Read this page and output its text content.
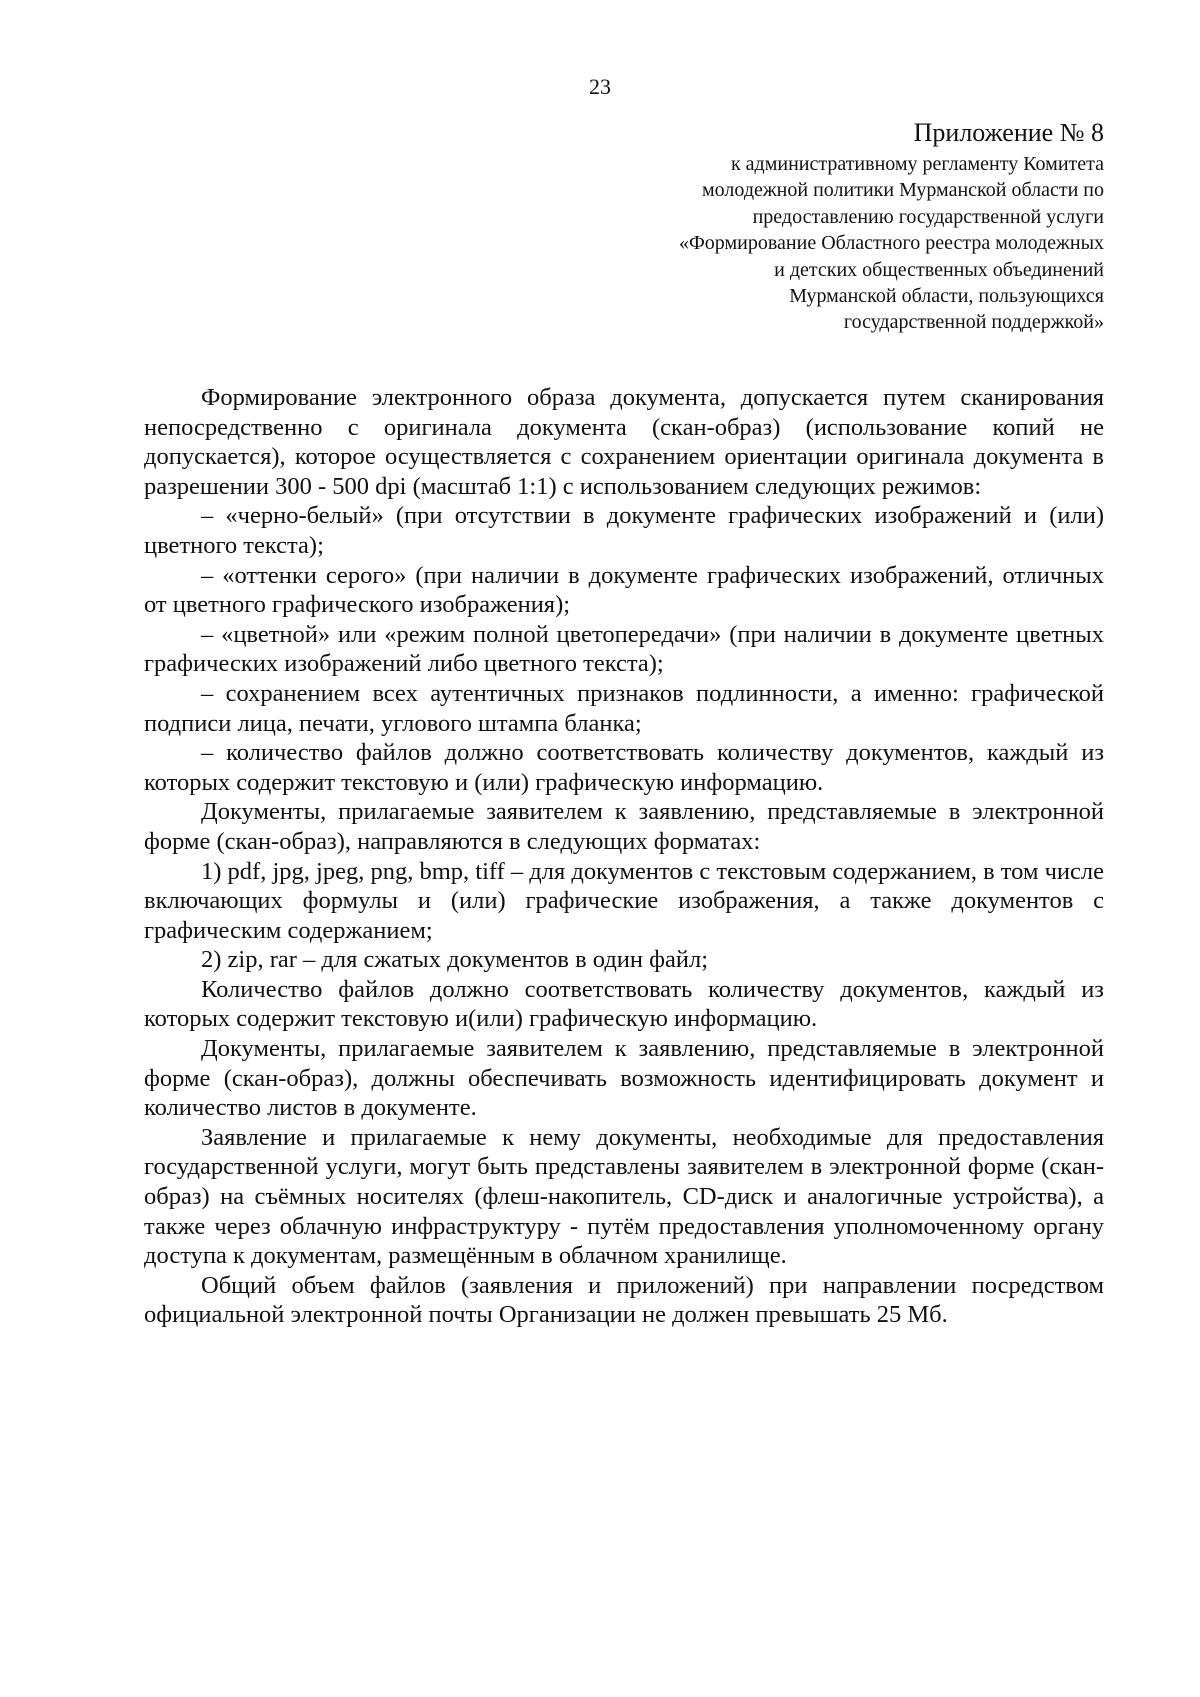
23
Приложение № 8
к административному регламенту Комитета
молодежной политики Мурманской области по
предоставлению государственной услуги
«Формирование Областного реестра молодежных
и детских общественных объединений
Мурманской области, пользующихся
государственной поддержкой»

Формирование электронного образа документа, допускается путем сканирования непосредственно с оригинала документа (скан-образ) (использование копий не допускается), которое осуществляется с сохранением ориентации оригинала документа в разрешении 300 - 500 dpi (масштаб 1:1) с использованием следующих режимов:

– «черно-белый» (при отсутствии в документе графических изображений и (или) цветного текста);

– «оттенки серого» (при наличии в документе графических изображений, отличных от цветного графического изображения);

– «цветной» или «режим полной цветопередачи» (при наличии в документе цветных графических изображений либо цветного текста);

– сохранением всех аутентичных признаков подлинности, а именно: графической подписи лица, печати, углового штампа бланка;

– количество файлов должно соответствовать количеству документов, каждый из которых содержит текстовую и (или) графическую информацию.

Документы, прилагаемые заявителем к заявлению, представляемые в электронной форме (скан-образ), направляются в следующих форматах:

1) pdf, jpg, jpeg, png, bmp, tiff – для документов с текстовым содержанием, в том числе включающих формулы и (или) графические изображения, а также документов с графическим содержанием;

2) zip, rar – для сжатых документов в один файл;

Количество файлов должно соответствовать количеству документов, каждый из которых содержит текстовую и(или) графическую информацию.

Документы, прилагаемые заявителем к заявлению, представляемые в электронной форме (скан-образ), должны обеспечивать возможность идентифицировать документ и количество листов в документе.

Заявление и прилагаемые к нему документы, необходимые для предоставления государственной услуги, могут быть представлены заявителем в электронной форме (скан-образ) на съёмных носителях (флеш-накопитель, CD-диск и аналогичные устройства), а также через облачную инфраструктуру - путём предоставления уполномоченному органу доступа к документам, размещённым в облачном хранилище.

Общий объем файлов (заявления и приложений) при направлении посредством официальной электронной почты Организации не должен превышать 25 Мб.
